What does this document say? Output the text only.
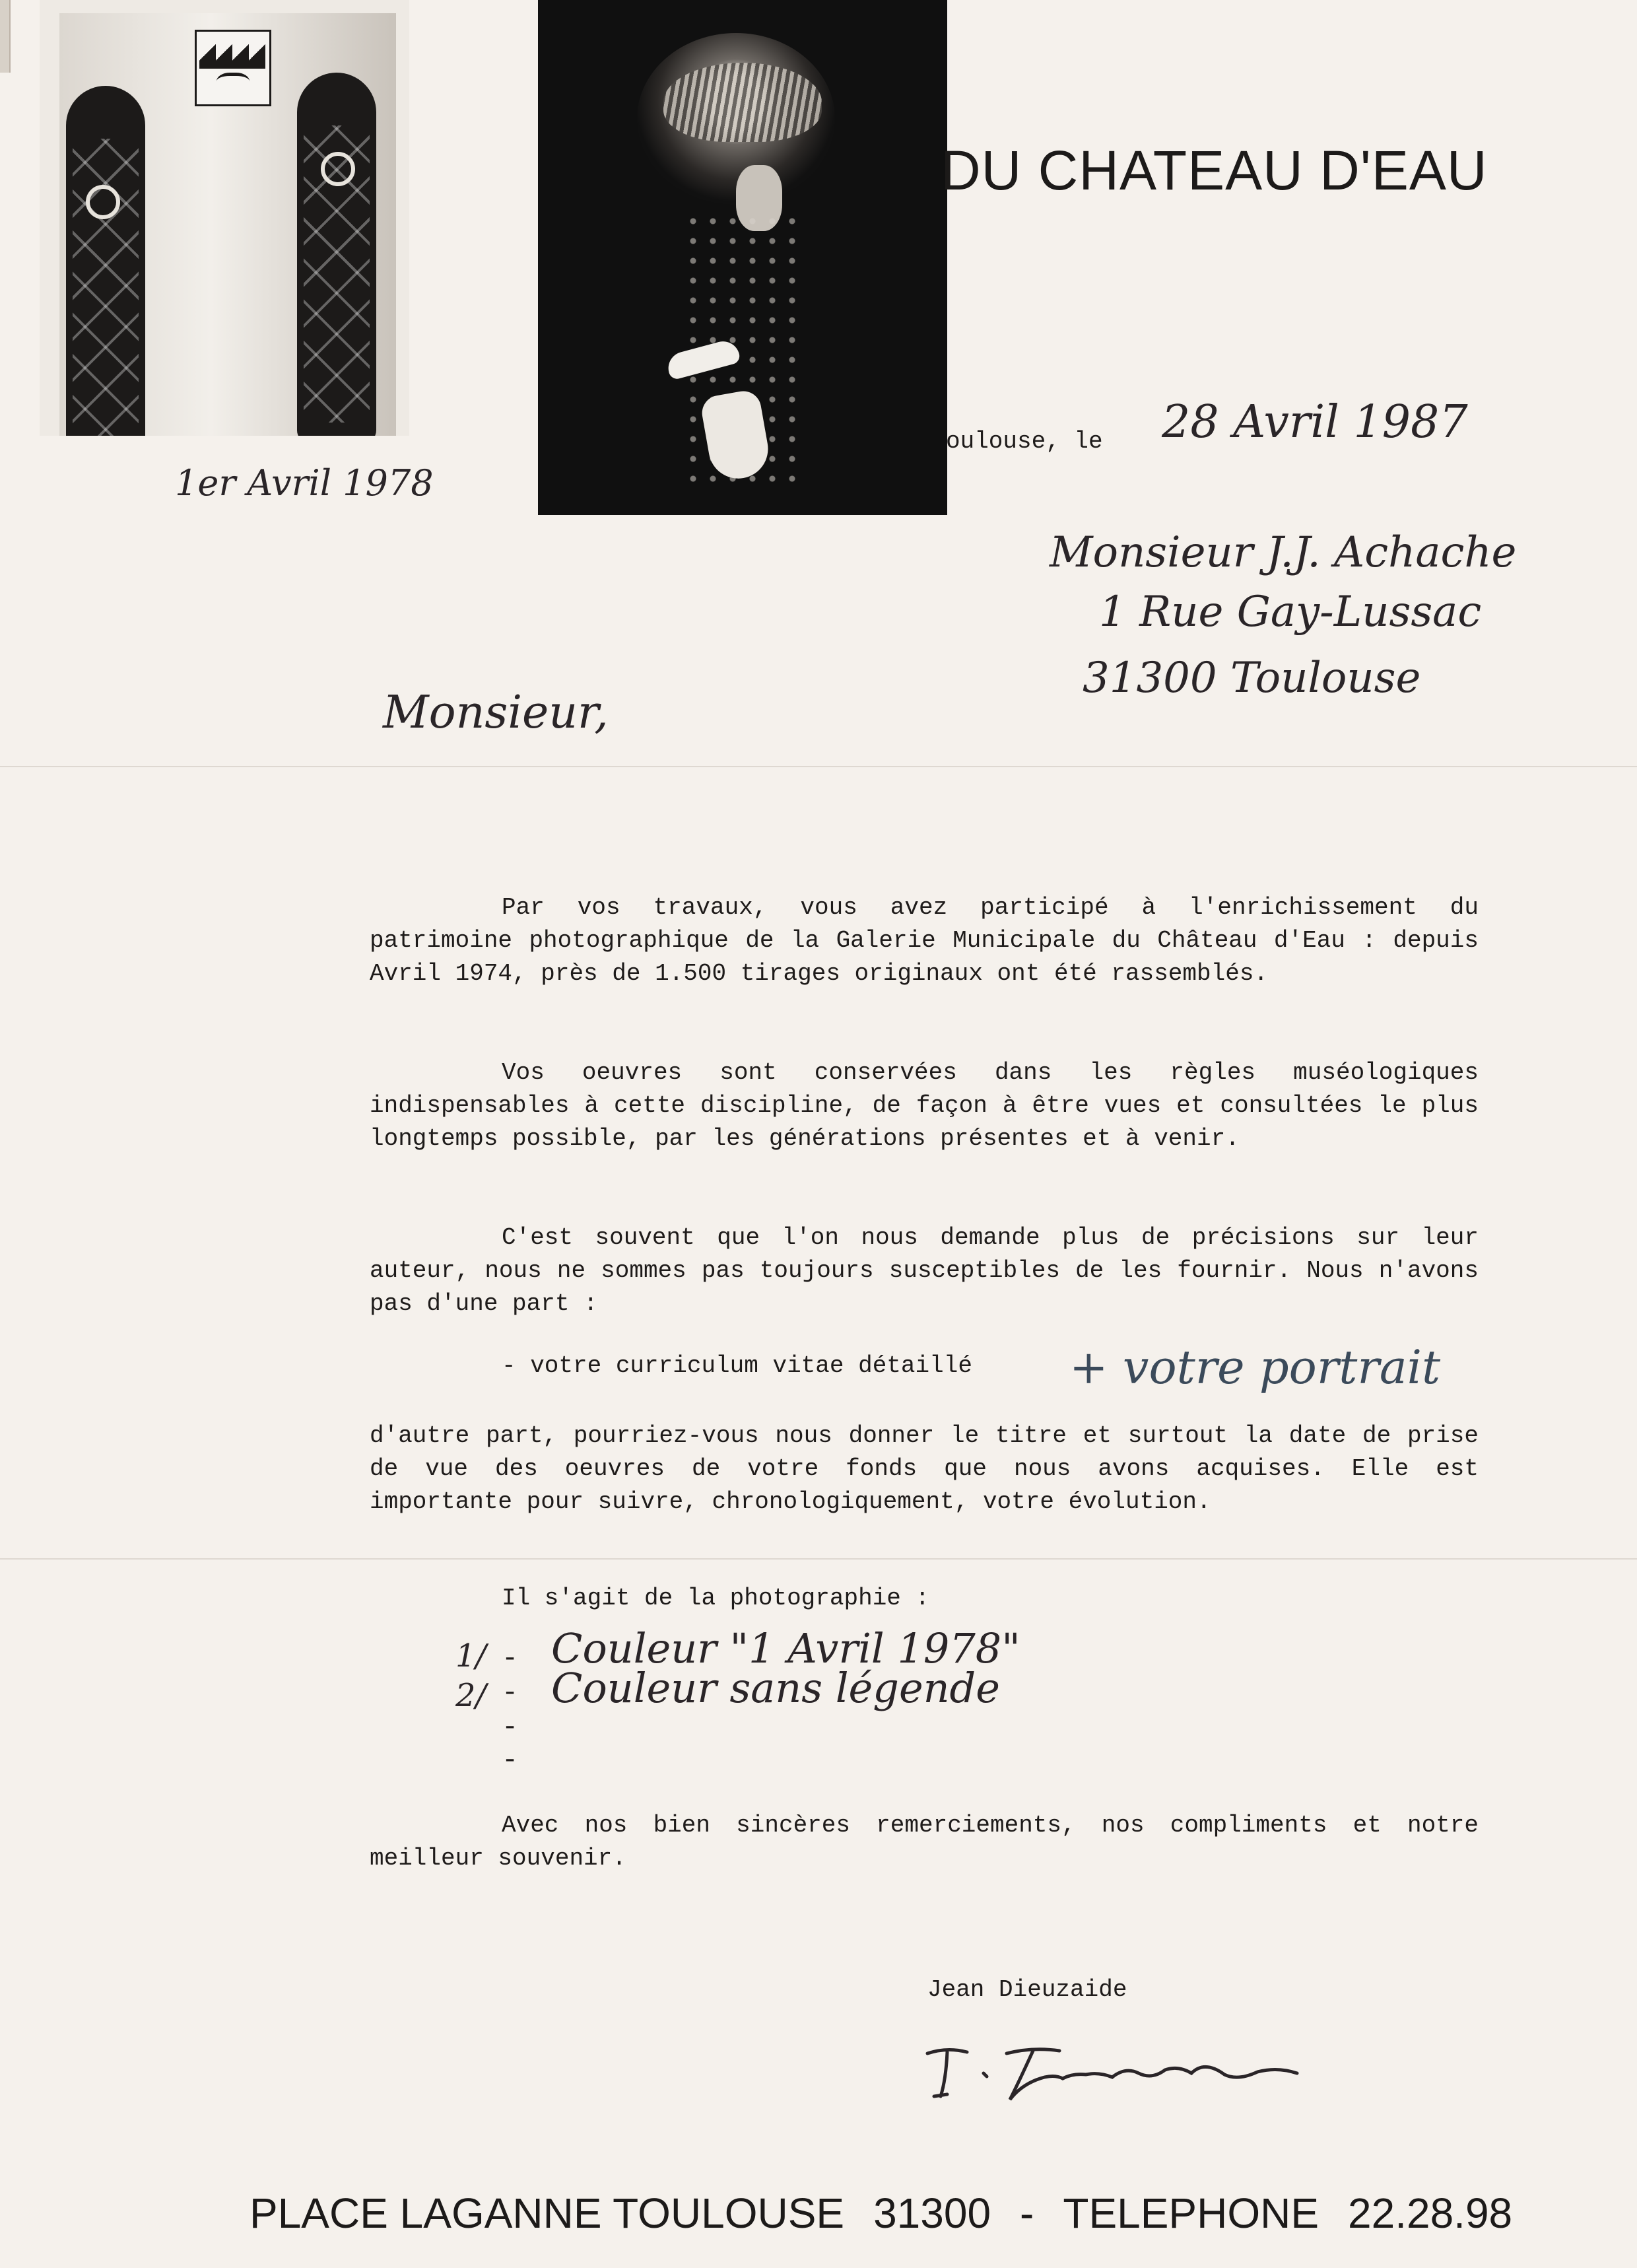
1er Avril 1978
DU CHATEAU D'EAU
oulouse, le 28 Avril 1987
Monsieur J.J. Achache
1 Rue Gay-Lussac
31300 Toulouse
Monsieur,
Par vos travaux, vous avez participé à l'enrichissement du patrimoine photographique de la Galerie Municipale du Château d'Eau : depuis Avril 1974, près de 1.500 tirages originaux ont été rassemblés.
Vos oeuvres sont conservées dans les règles muséologiques indispensables à cette discipline, de façon à être vues et consultées le plus longtemps possible, par les générations présentes et à venir.
C'est souvent que l'on nous demande plus de précisions sur leur auteur, nous ne sommes pas toujours susceptibles de les fournir. Nous n'avons pas d'une part :
- votre curriculum vitae détaillé + votre portrait
d'autre part, pourriez-vous nous donner le titre et surtout la date de prise de vue des oeuvres de votre fonds que nous avons acquises. Elle est importante pour suivre, chronologiquement, votre évolution.
Il s'agit de la photographie :
1/ - Couleur "1 Avril 1978"
2/ - Couleur sans légende
-
-
Avec nos bien sincères remerciements, nos compliments et notre meilleur souvenir.
Jean Dieuzaide
PLACE LAGANNE TOULOUSE 31300 - TELEPHONE 22.28.98
